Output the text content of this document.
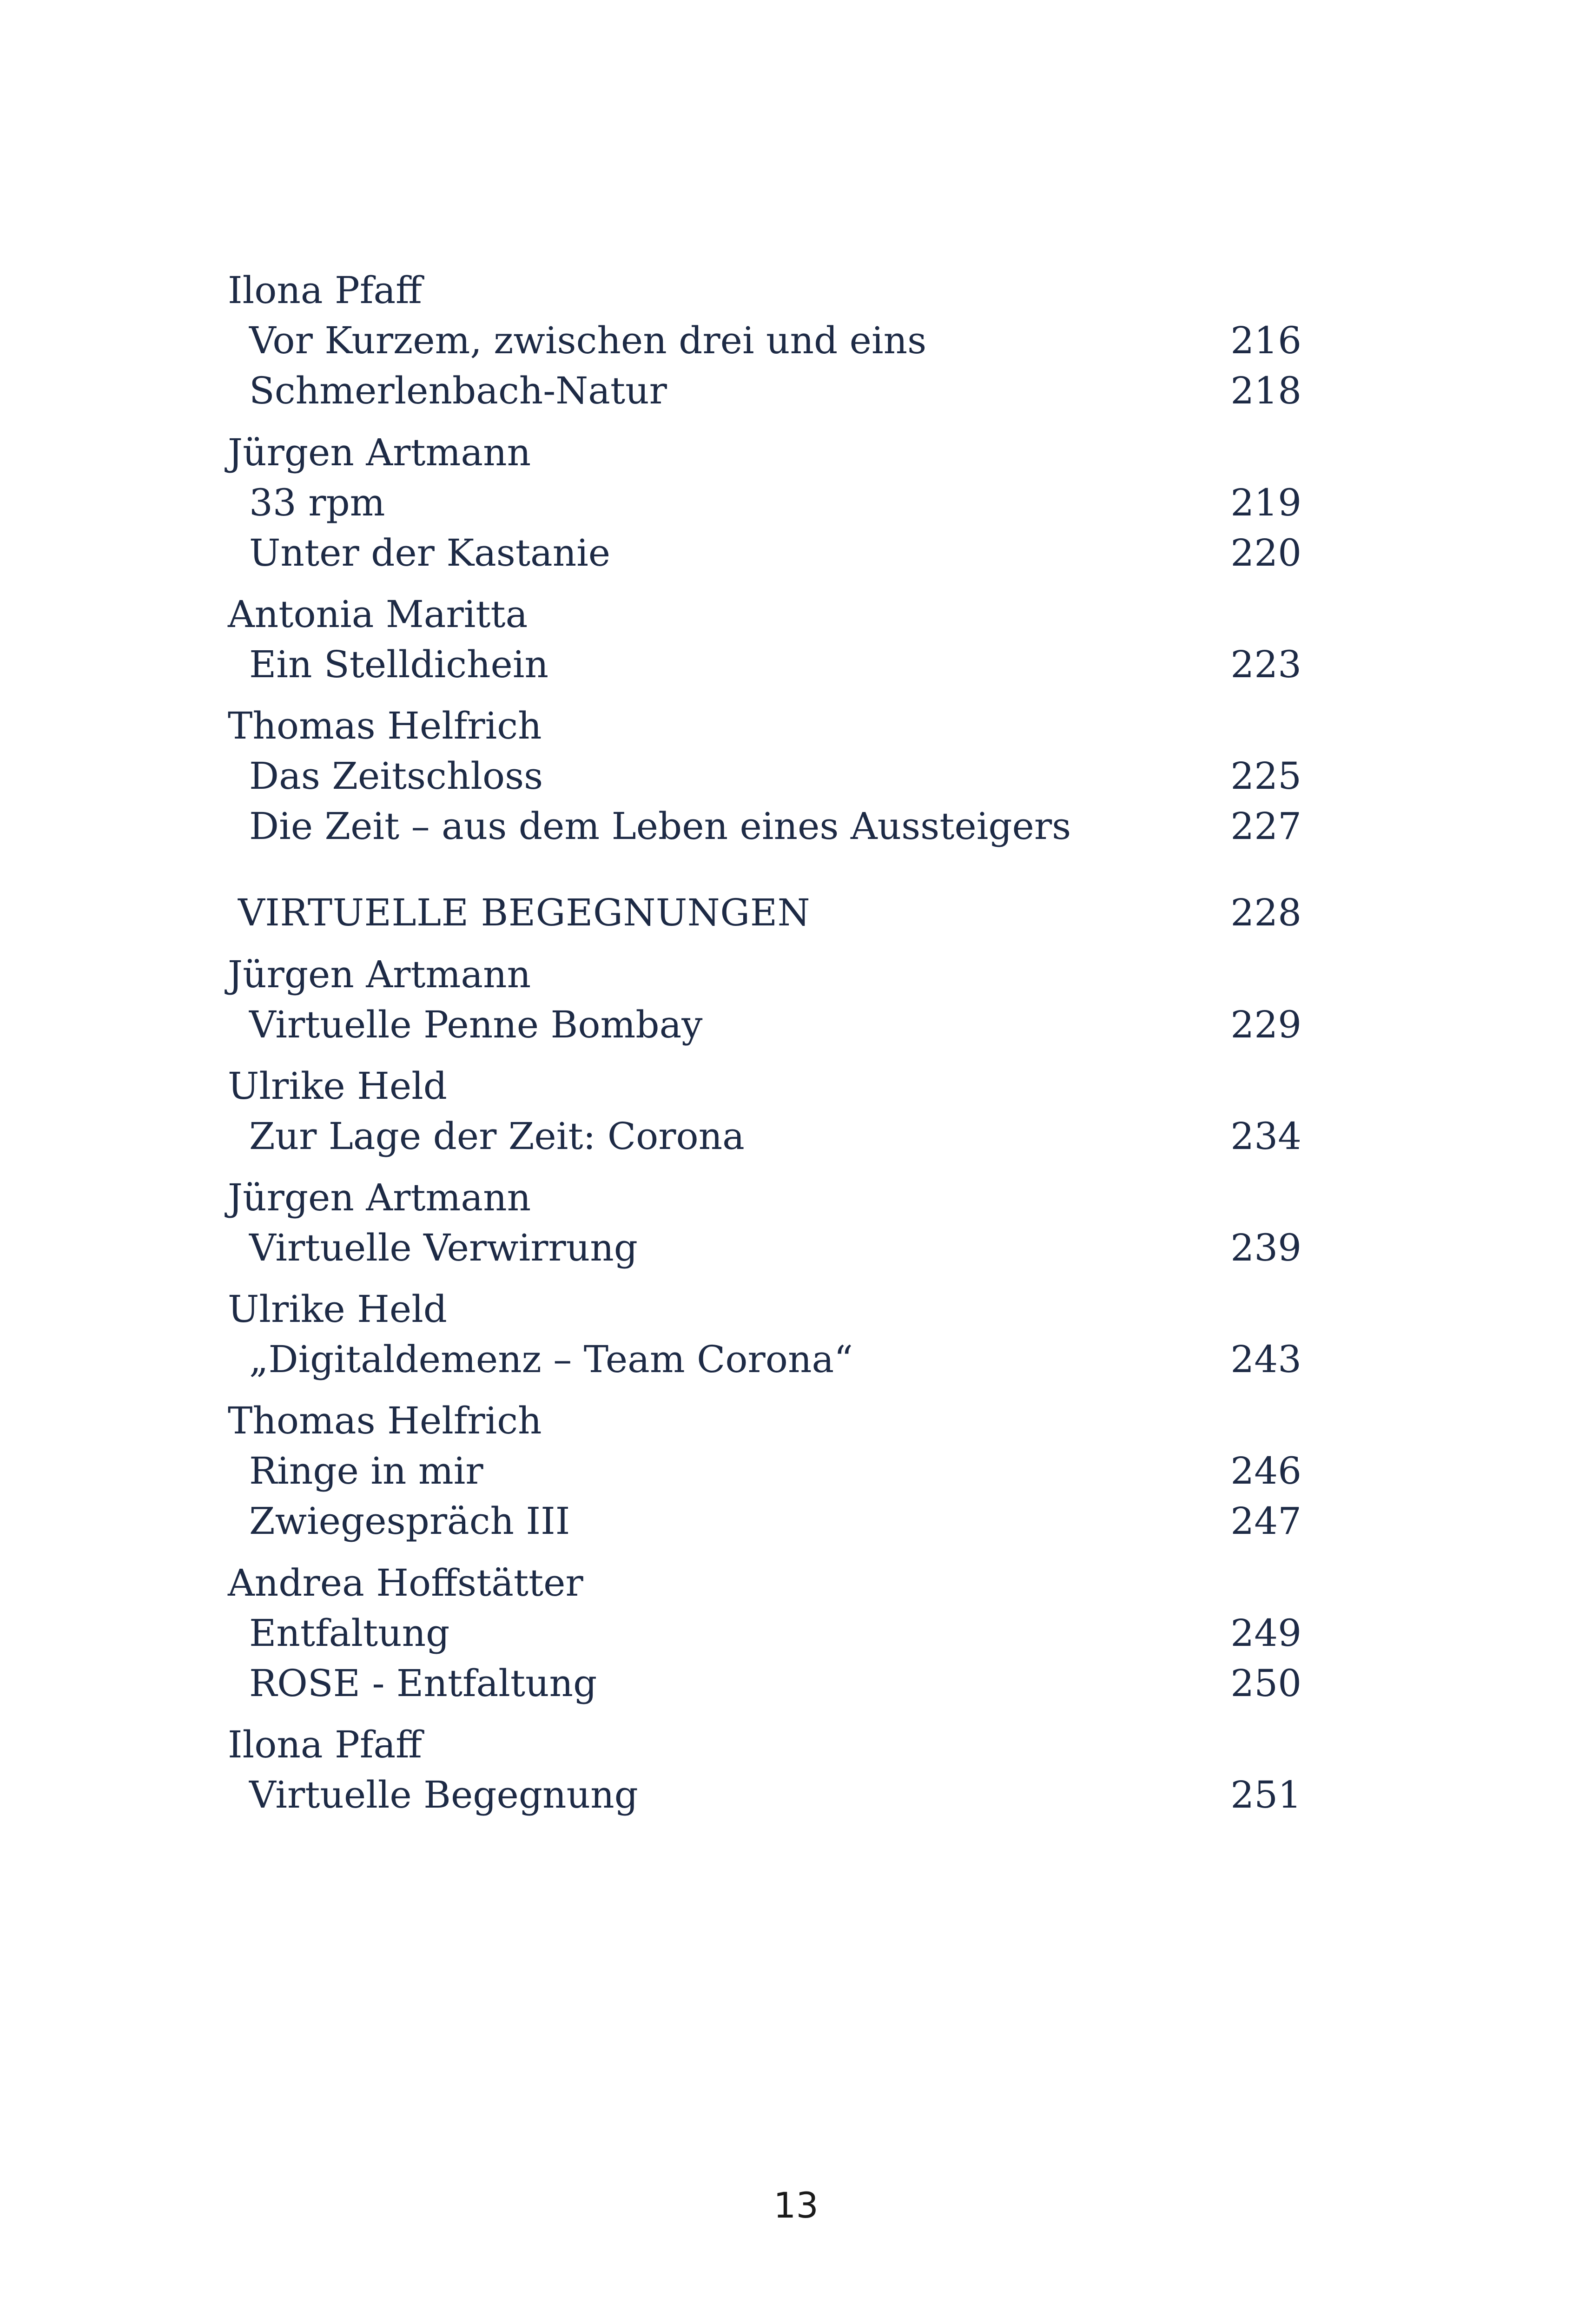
Ilona Pfaff
Vor Kurzem, zwischen drei und eins	216
Schmerlenbach-Natur	218
Jürgen Artmann
33 rpm	219
Unter der Kastanie	220
Antonia Maritta
Ein Stelldichein	223
Thomas Helfrich
Das Zeitschloss	225
Die Zeit – aus dem Leben eines Aussteigers	227
VIRTUELLE BEGEGNUNGEN	228
Jürgen Artmann
Virtuelle Penne Bombay	229
Ulrike Held
Zur Lage der Zeit: Corona	234
Jürgen Artmann
Virtuelle Verwirrung	239
Ulrike Held
„Digitaldemenz – Team Corona“	243
Thomas Helfrich
Ringe in mir	246
Zwiegespräch III	247
Andrea Hoffstätter
Entfaltung	249
ROSE - Entfaltung	250
Ilona Pfaff
Virtuelle Begegnung	251
13
